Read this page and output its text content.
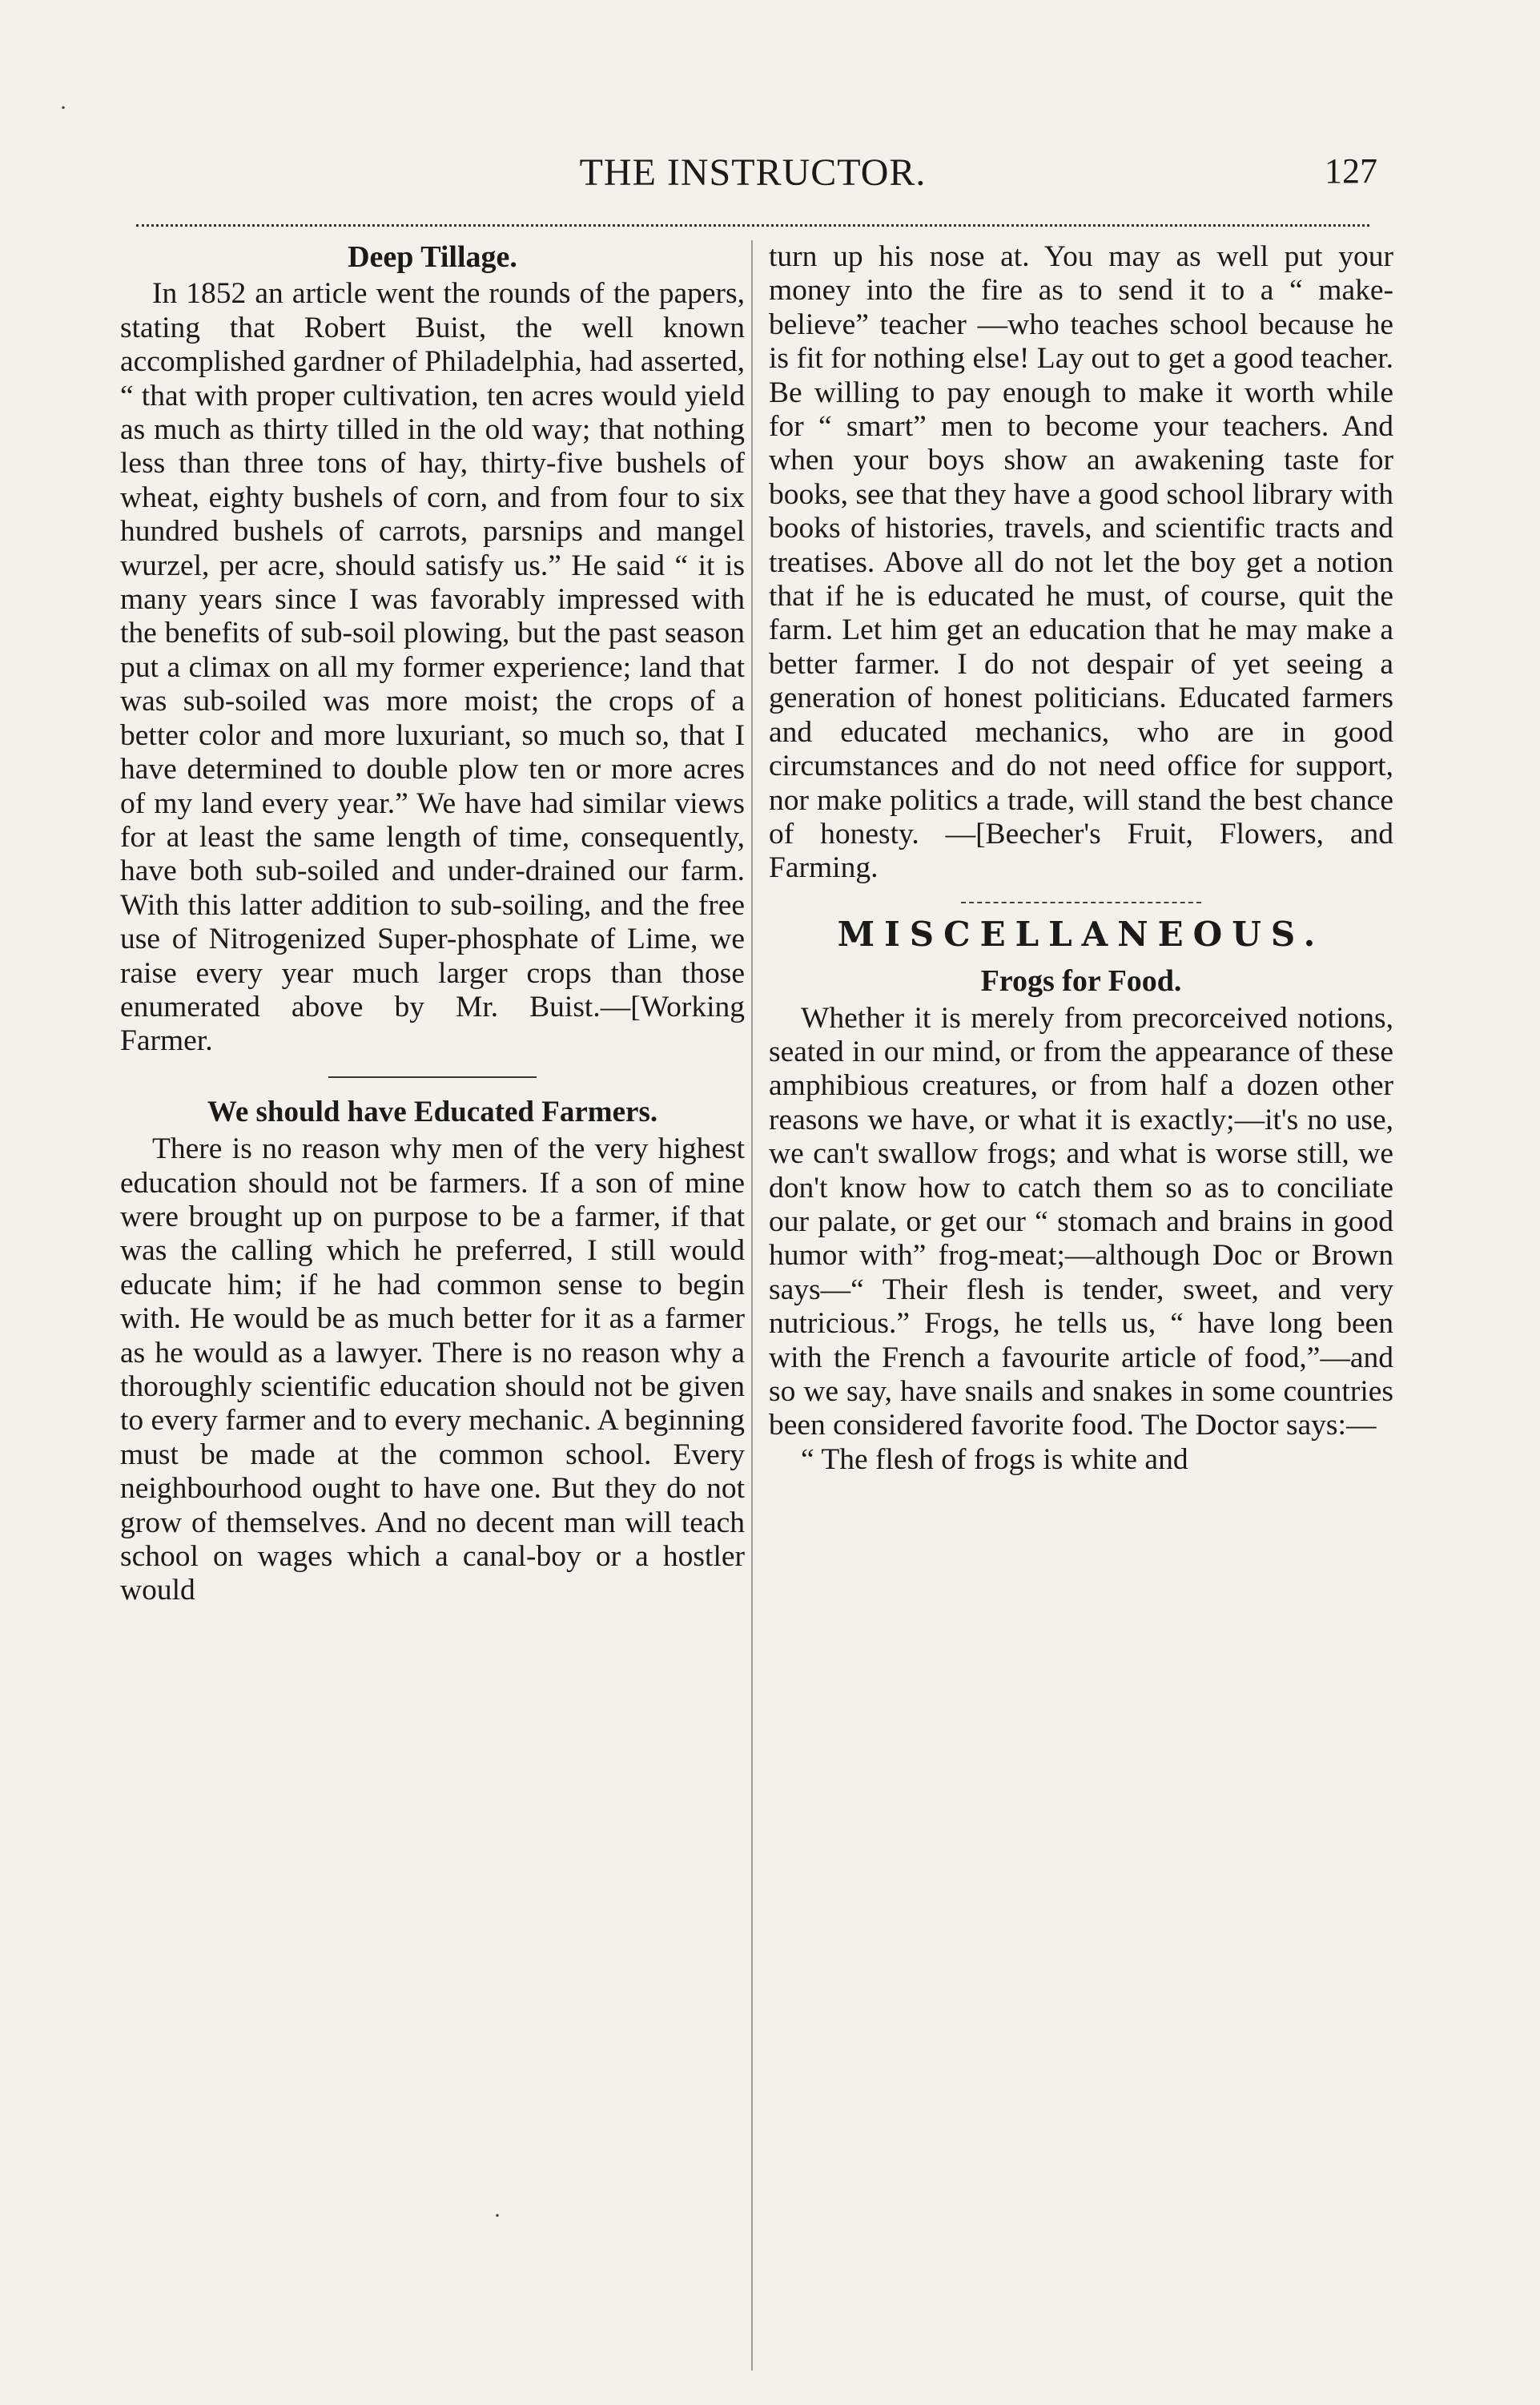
THE INSTRUCTOR.	127
Deep Tillage.

In 1852 an article went the rounds of the papers, stating that Robert Buist, the well known accomplished gardner of Philadelphia, had asserted, “ that with proper cultivation, ten acres would yield as much as thirty tilled in the old way; that nothing less than three tons of hay, thirty-five bushels of wheat, eighty bushels of corn, and from four to six hundred bushels of carrots, parsnips and mangel wurzel, per acre, should satisfy us.” He said “ it is many years since I was favorably impressed with the benefits of sub-soil plowing, but the past season put a climax on all my former experience; land that was sub-soiled was more moist; the crops of a better color and more luxuriant, so much so, that I have determined to double plow ten or more acres of my land every year.” We have had similar views for at least the same length of time, consequently, have both sub-soiled and under-drained our farm. With this latter addition to sub-soiling, and the free use of Nitrogenized Super-phosphate of Lime, we raise every year much larger crops than those enumerated above by Mr. Buist.—[Working Farmer.

We should have Educated Farmers.

There is no reason why men of the very highest education should not be farmers. If a son of mine were brought up on purpose to be a farmer, if that was the calling which he preferred, I still would educate him; if he had common sense to begin with. He would be as much better for it as a farmer as he would as a lawyer. There is no reason why a thoroughly scientific education should not be given to every farmer and to every mechanic. A beginning must be made at the common school. Every neighbourhood ought to have one. But they do not grow of themselves. And no decent man will teach school on wages which a canal-boy or a hostler would

turn up his nose at. You may as well put your money into the fire as to send it to a “ make-believe” teacher —who teaches school because he is fit for nothing else! Lay out to get a good teacher. Be willing to pay enough to make it worth while for “ smart” men to become your teachers. And when your boys show an awakening taste for books, see that they have a good school library with books of histories, travels, and scientific tracts and treatises. Above all do not let the boy get a notion that if he is educated he must, of course, quit the farm. Let him get an education that he may make a better farmer. I do not despair of yet seeing a generation of honest politicians. Educated farmers and educated mechanics, who are in good circumstances and do not need office for support, nor make politics a trade, will stand the best chance of honesty. —[Beecher's Fruit, Flowers, and Farming.

MISCELLANEOUS.
Frogs for Food.

Whether it is merely from precorceived notions, seated in our mind, or from the appearance of these amphibious creatures, or from half a dozen other reasons we have, or what it is exactly;—it's no use, we can't swallow frogs; and what is worse still, we don't know how to catch them so as to conciliate our palate, or get our “ stomach and brains in good humor with” frog-meat;—although Doc or Brown says—“ Their flesh is tender, sweet, and very nutricious.” Frogs, he tells us, “ have long been with the French a favourite article of food,”—and so we say, have snails and snakes in some countries been considered favorite food. The Doctor says:—

“ The flesh of frogs is white and

·
·
